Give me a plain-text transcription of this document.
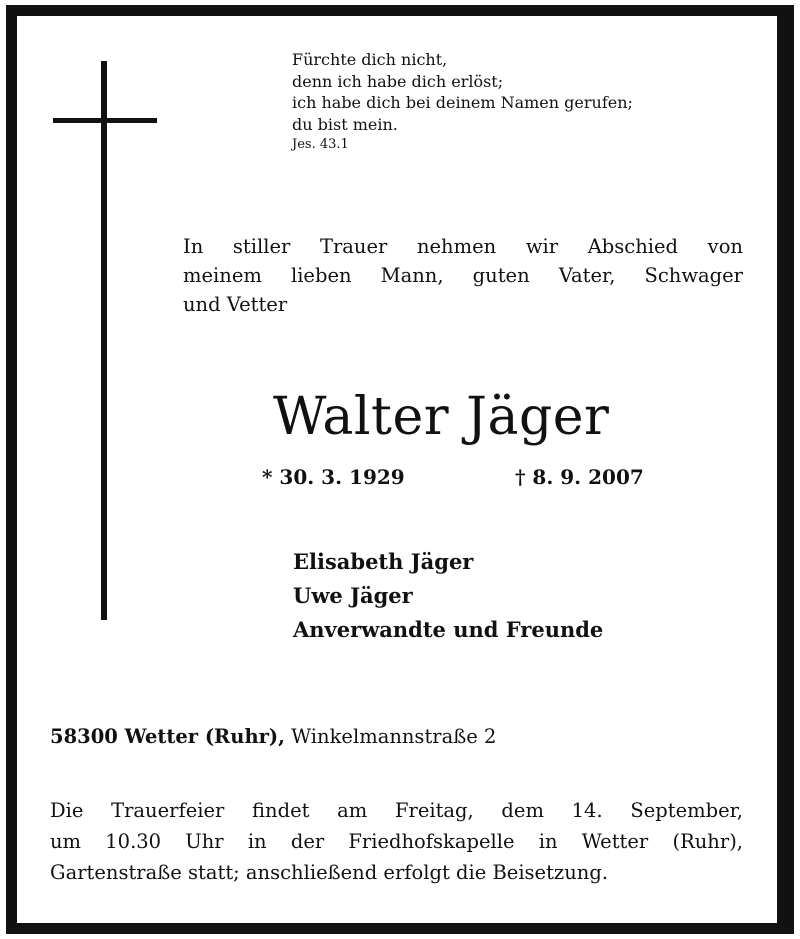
Fürchte dich nicht,
denn ich habe dich erlöst;
ich habe dich bei deinem Namen gerufen;
du bist mein.
Jes. 43.1
In stiller Trauer nehmen wir Abschied von
meinem lieben Mann, guten Vater, Schwager
und Vetter
Walter Jäger
* 30. 3. 1929	† 8. 9. 2007
Elisabeth Jäger
Uwe Jäger
Anverwandte und Freunde
58300 Wetter (Ruhr), Winkelmannstraße 2
Die Trauerfeier findet am Freitag, dem 14. September,
um 10.30 Uhr in der Friedhofskapelle in Wetter (Ruhr),
Gartenstraße statt; anschließend erfolgt die Beisetzung.
